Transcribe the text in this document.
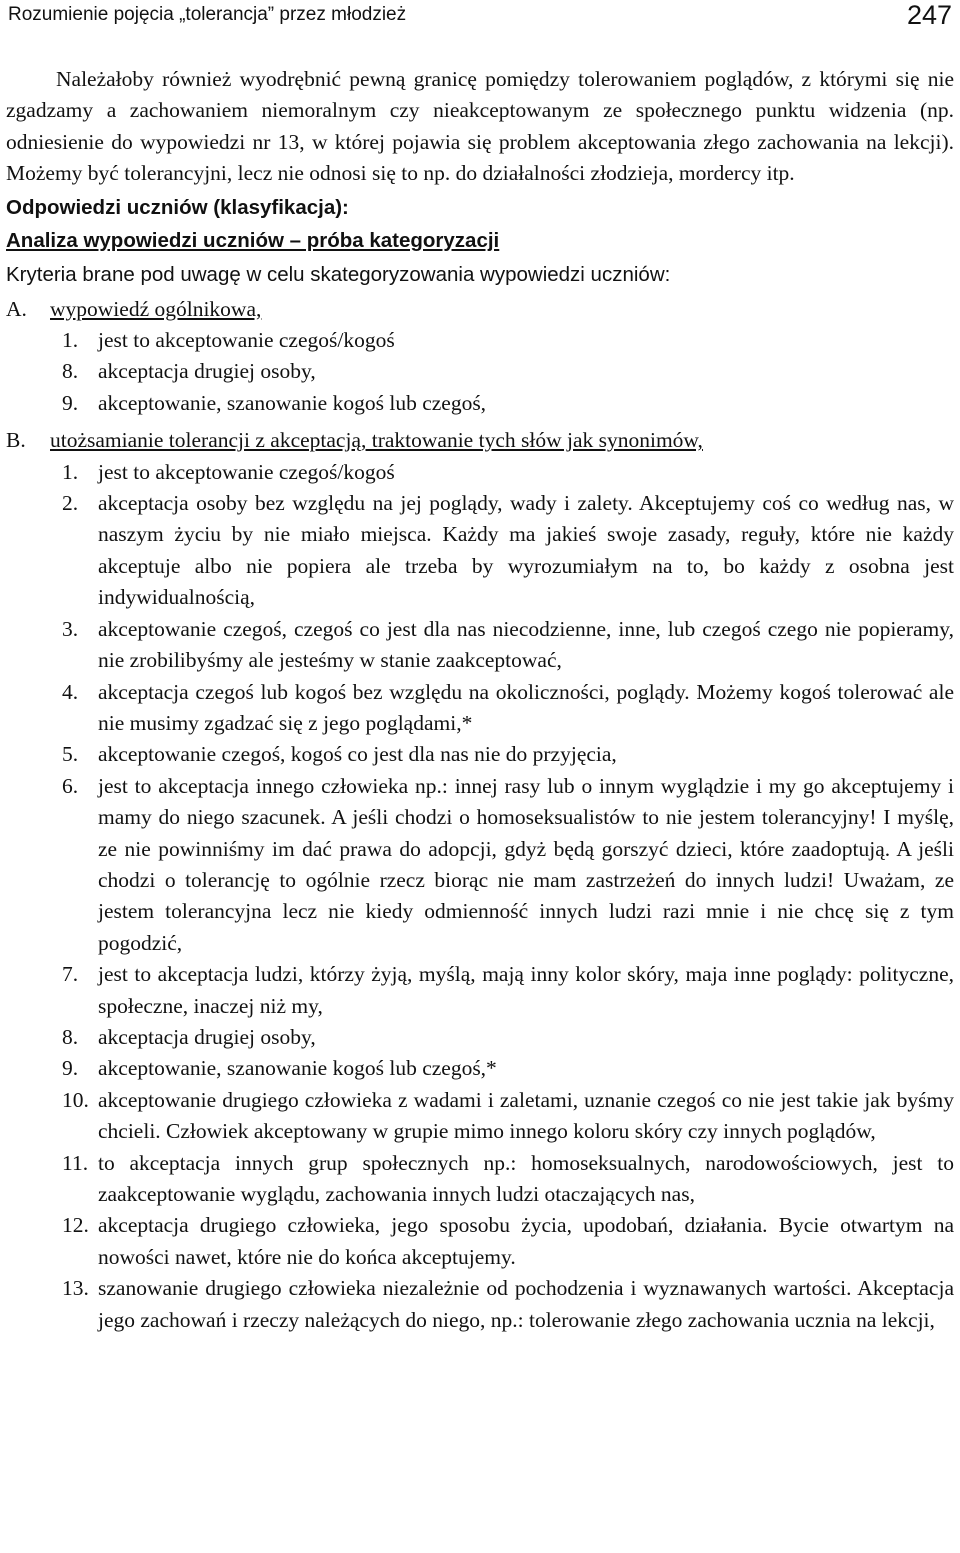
Rozumienie pojęcia „tolerancja” przez młodzież	247

Należałoby również wyodrębnić pewną granicę pomiędzy tolerowaniem poglądów, z którymi się nie zgadzamy a zachowaniem niemoralnym czy nieakceptowanym ze społecznego punktu widzenia (np. odniesienie do wypowiedzi nr 13, w której pojawia się problem akceptowania złego zachowania na lekcji). Możemy być tolerancyjni, lecz nie odnosi się to np. do działalności złodzieja, mordercy itp.

Odpowiedzi uczniów (klasyfikacja):
Analiza wypowiedzi uczniów – próba kategoryzacji
Kryteria brane pod uwagę w celu skategoryzowania wypowiedzi uczniów:
A.	wypowiedź ogólnikowa,
1. jest to akceptowanie czegoś/kogoś
8. akceptacja drugiej osoby,
9. akceptowanie, szanowanie kogoś lub czegoś,
B.	utożsamianie tolerancji z akceptacją, traktowanie tych słów jak synonimów,
1. jest to akceptowanie czegoś/kogoś
2. akceptacja osoby bez względu na jej poglądy, wady i zalety. Akceptujemy coś co według nas, w naszym życiu by nie miało miejsca. Każdy ma jakieś swoje zasady, reguły, które nie każdy akceptuje albo nie popiera ale trzeba by wyrozumiałym na to, bo każdy z osobna jest indywidualnością,
3. akceptowanie czegoś, czegoś co jest dla nas niecodzienne, inne, lub czegoś czego nie popieramy, nie zrobilibyśmy ale jesteśmy w stanie zaakceptować,
4. akceptacja czegoś lub kogoś bez względu na okoliczności, poglądy. Możemy kogoś tolerować ale nie musimy zgadzać się z jego poglądami,*
5. akceptowanie czegoś, kogoś co jest dla nas nie do przyjęcia,
6. jest to akceptacja innego człowieka np.: innej rasy lub o innym wyglądzie i my go akceptujemy i mamy do niego szacunek. A jeśli chodzi o homoseksualistów to nie jestem tolerancyjny! I myślę, ze nie powinniśmy im dać prawa do adopcji, gdyż będą gorszyć dzieci, które zaadoptują. A jeśli chodzi o tolerancję to ogólnie rzecz biorąc nie mam zastrzeżeń do innych ludzi! Uważam, ze jestem tolerancyjna lecz nie kiedy odmienność innych ludzi razi mnie i nie chcę się z tym pogodzić,
7. jest to akceptacja ludzi, którzy żyją, myślą, mają inny kolor skóry, maja inne poglądy: polityczne, społeczne, inaczej niż my,
8. akceptacja drugiej osoby,
9. akceptowanie, szanowanie kogoś lub czegoś,*
10. akceptowanie drugiego człowieka z wadami i zaletami, uznanie czegoś co nie jest takie jak byśmy chcieli. Człowiek akceptowany w grupie mimo innego koloru skóry czy innych poglądów,
11. to akceptacja innych grup społecznych np.: homoseksualnych, narodowościowych, jest to zaakceptowanie wyglądu, zachowania innych ludzi otaczających nas,
12. akceptacja drugiego człowieka, jego sposobu życia, upodobań, działania. Bycie otwartym na nowości nawet, które nie do końca akceptujemy.
13. szanowanie drugiego człowieka niezależnie od pochodzenia i wyznawanych wartości. Akceptacja jego zachowań i rzeczy należących do niego, np.: tolerowanie złego zachowania ucznia na lekcji,
